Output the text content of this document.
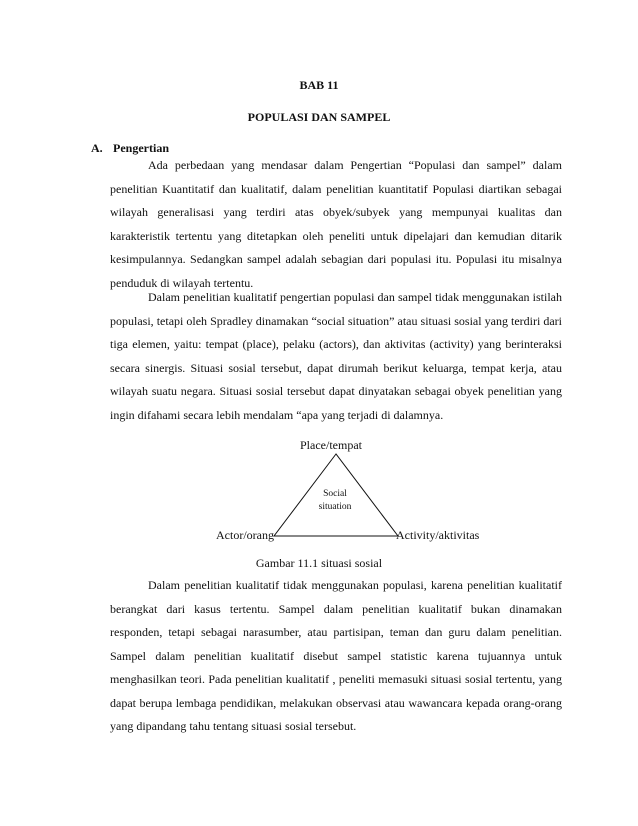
BAB 11

POPULASI DAN SAMPEL

A. Pengertian

Ada perbedaan yang mendasar dalam Pengertian “Populasi dan sampel” dalam penelitian Kuantitatif dan kualitatif, dalam penelitian kuantitatif Populasi diartikan sebagai wilayah generalisasi yang terdiri atas obyek/subyek yang mempunyai kualitas dan karakteristik tertentu yang ditetapkan oleh peneliti untuk dipelajari dan kemudian ditarik kesimpulannya. Sedangkan sampel adalah sebagian dari populasi itu. Populasi itu misalnya penduduk di wilayah tertentu.

Dalam penelitian kualitatif pengertian populasi dan sampel tidak menggunakan istilah populasi, tetapi oleh Spradley dinamakan “social situation” atau situasi sosial yang terdiri dari tiga elemen, yaitu: tempat (place), pelaku (actors), dan aktivitas (activity) yang berinteraksi secara sinergis. Situasi sosial tersebut, dapat dirumah berikut keluarga, tempat kerja, atau wilayah suatu negara. Situasi sosial tersebut dapat dinyatakan sebagai obyek penelitian yang ingin difahami secara lebih mendalam “apa yang terjadi di dalamnya.

Place/tempat
Social
situation
Actor/orang	Activity/aktivitas

Gambar 11.1 situasi sosial

Dalam penelitian kualitatif tidak menggunakan populasi, karena penelitian kualitatif berangkat dari kasus tertentu. Sampel dalam penelitian kualitatif bukan dinamakan responden, tetapi sebagai narasumber, atau partisipan, teman dan guru dalam penelitian. Sampel dalam penelitian kualitatif disebut sampel statistic karena tujuannya untuk menghasilkan teori. Pada penelitian kualitatif , peneliti memasuki situasi sosial tertentu, yang dapat berupa lembaga pendidikan, melakukan observasi atau wawancara kepada orang-orang yang dipandang tahu tentang situasi sosial tersebut.
